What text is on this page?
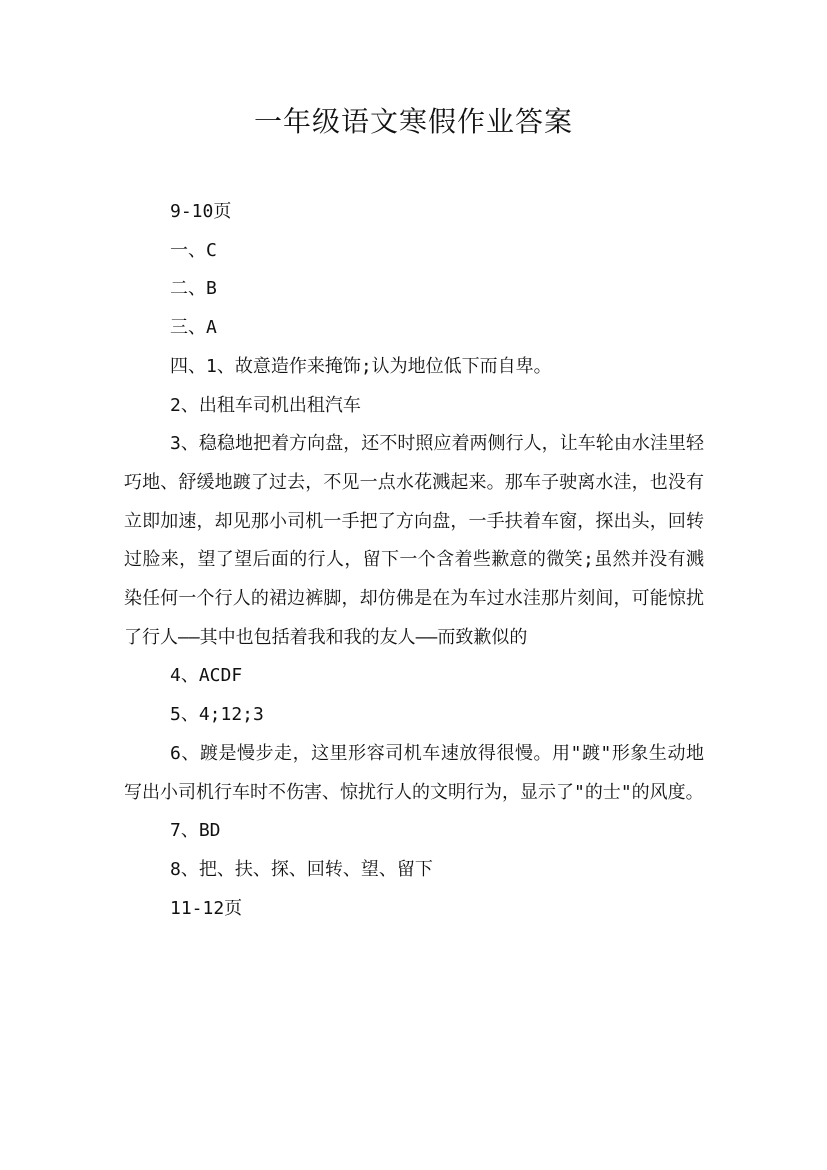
一年级语文寒假作业答案

9-10页

一、C

二、B

三、A

四、1、故意造作来掩饰;认为地位低下而自卑。

2、出租车司机出租汽车

3、稳稳地把着方向盘，还不时照应着两侧行人，让车轮由水洼里轻巧地、舒缓地踱了过去，不见一点水花溅起来。那车子驶离水洼，也没有立即加速，却见那小司机一手把了方向盘，一手扶着车窗，探出头，回转过脸来，望了望后面的行人，留下一个含着些歉意的微笑;虽然并没有溅染任何一个行人的裙边裤脚，却仿佛是在为车过水洼那片刻间，可能惊扰了行人——其中也包括着我和我的友人——而致歉似的

4、ACDF

5、4;12;3

6、踱是慢步走，这里形容司机车速放得很慢。用"踱"形象生动地写出小司机行车时不伤害、惊扰行人的文明行为，显示了"的士"的风度。

7、BD

8、把、扶、探、回转、望、留下

11-12页
